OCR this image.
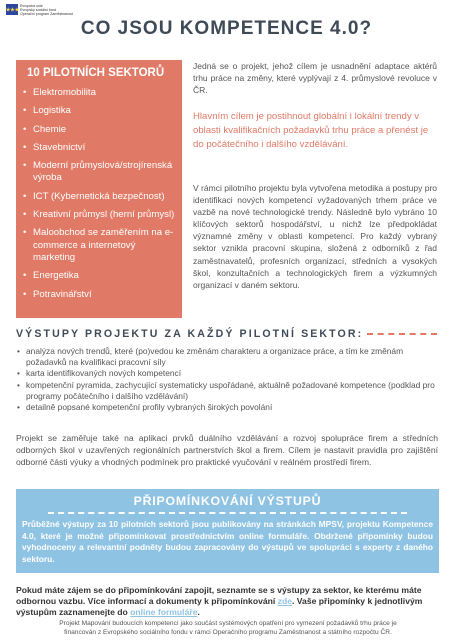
★★★
Evropská unie
Evropský sociální fond
Operační program Zaměstnanost
CO JSOU KOMPETENCE 4.0?
10 PILOTNÍCH SEKTORŮ
• Elektromobilita
• Logistika
• Chemie
• Stavebnictví
• Moderní průmyslová/strojírenská výroba
• ICT (Kybernetická bezpečnost)
• Kreativní průmysl (herní průmysl)
• Maloobchod se zaměřením na e-commerce a internetový marketing
• Energetika
• Potravinářství

Jedná se o projekt, jehož cílem je usnadnění adaptace aktérů trhu práce na změny, které vyplývají z 4. průmyslové revoluce v ČR.

Hlavním cílem je postihnout globální i lokální trendy v oblasti kvalifikačních požadavků trhu práce a přenést je do počátečního i dalšího vzdělávání.

V rámci pilotního projektu byla vytvořena metodika a postupy pro identifikaci nových kompetencí vyžadovaných trhem práce ve vazbě na nové technologické trendy. Následně bylo vybráno 10 klíčových sektorů hospodářství, u nichž lze předpokládat významné změny v oblasti kompetencí. Pro každý vybraný sektor vznikla pracovní skupina, složená z odborníků z řad zaměstnavatelů, profesních organizací, středních a vysokých škol, konzultačních a technologických firem a výzkumných organizací v daném sektoru.

VÝSTUPY PROJEKTU ZA KAŽDÝ PILOTNÍ SEKTOR:
• analýza nových trendů, které (po)vedou ke změnám charakteru a organizace práce, a tím ke změnám požadavků na kvalifikaci pracovní síly
• karta identifikovaných nových kompetencí
• kompetenční pyramida, zachycující systematicky uspořádané, aktuálně požadované kompetence (podklad pro programy počátečního i dalšího vzdělávání)
• detailně popsané kompetenční profily vybraných širokých povolání

Projekt se zaměřuje také na aplikaci prvků duálního vzdělávání a rozvoj spolupráce firem a středních odborných škol v uzavřených regionálních partnerstvích škol a firem. Cílem je nastavit pravidla pro zajištění odborné části výuky a vhodných podmínek pro praktické vyučování v reálném prostředí firem.

PŘIPOMÍNKOVÁNÍ VÝSTUPŮ
Průběžné výstupy za 10 pilotních sektorů jsou publikovány na stránkách MPSV, projektu Kompetence 4.0, které je možné připomínkovat prostřednictvím online formuláře. Obdržené připomínky budou vyhodnoceny a relevantní podněty budou zapracovány do výstupů ve spolupráci s experty z daného sektoru.

Pokud máte zájem se do připomínkování zapojit, seznamte se s výstupy za sektor, ke kterému máte odbornou vazbu. Více informací a dokumenty k připomínkování zde. Vaše připomínky k jednotlivým výstupům zaznamenejte do online formuláře.

Projekt Mapování budoucích kompetencí jako součást systémových opatření pro vymezení požadavků trhu práce je
financován z Evropského sociálního fondu v rámci Operačního programu Zaměstnanost a státního rozpočtu ČR.
